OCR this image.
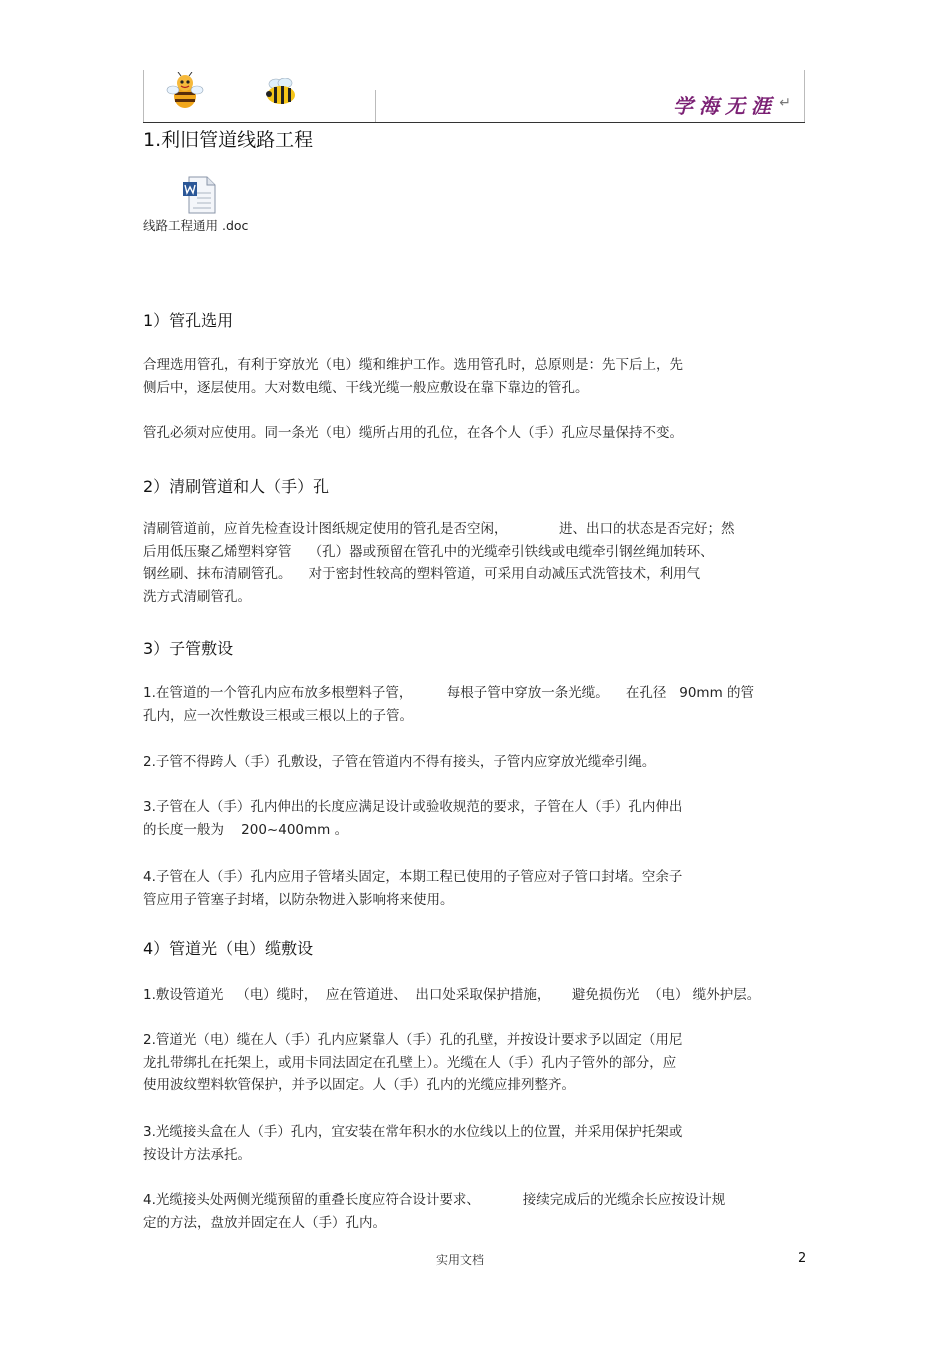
学海无涯 ↵
1.利旧管道线路工程
线路工程通用 .doc
1）管孔选用
合理选用管孔，有利于穿放光（电）缆和维护工作。选用管孔时，总原则是：先下后上，先
侧后中，逐层使用。大对数电缆、干线光缆一般应敷设在靠下靠边的管孔。
管孔必须对应使用。同一条光（电）缆所占用的孔位，在各个人（手）孔应尽量保持不变。
2）清刷管道和人（手）孔
清刷管道前，应首先检查设计图纸规定使用的管孔是否空闲，            进、出口的状态是否完好；然
后用低压聚乙烯塑料穿管    （孔）器或预留在管孔中的光缆牵引铁线或电缆牵引钢丝绳加转环、
钢丝刷、抹布清刷管孔。    对于密封性较高的塑料管道，可采用自动减压式洗管技术，利用气
洗方式清刷管孔。
3）子管敷设
1.在管道的一个管孔内应布放多根塑料子管，        每根子管中穿放一条光缆。    在孔径   90mm 的管
孔内，应一次性敷设三根或三根以上的子管。
2.子管不得跨人（手）孔敷设，子管在管道内不得有接头，子管内应穿放光缆牵引绳。
3.子管在人（手）孔内伸出的长度应满足设计或验收规范的要求，子管在人（手）孔内伸出
的长度一般为    200~400mm 。
4.子管在人（手）孔内应用子管堵头固定，本期工程已使用的子管应对子管口封堵。空余子
管应用子管塞子封堵，以防杂物进入影响将来使用。
4）管道光（电）缆敷设
1.敷设管道光   （电）缆时，  应在管道进、  出口处采取保护措施，     避免损伤光  （电） 缆外护层。
2.管道光（电）缆在人（手）孔内应紧靠人（手）孔的孔壁，并按设计要求予以固定（用尼
龙扎带绑扎在托架上，或用卡同法固定在孔壁上）。光缆在人（手）孔内子管外的部分，应
使用波纹塑料软管保护，并予以固定。人（手）孔内的光缆应排列整齐。
3.光缆接头盒在人（手）孔内，宜安装在常年积水的水位线以上的位置，并采用保护托架或
按设计方法承托。
4.光缆接头处两侧光缆预留的重叠长度应符合设计要求、          接续完成后的光缆余长应按设计规
定的方法，盘放并固定在人（手）孔内。
实用文档	2
